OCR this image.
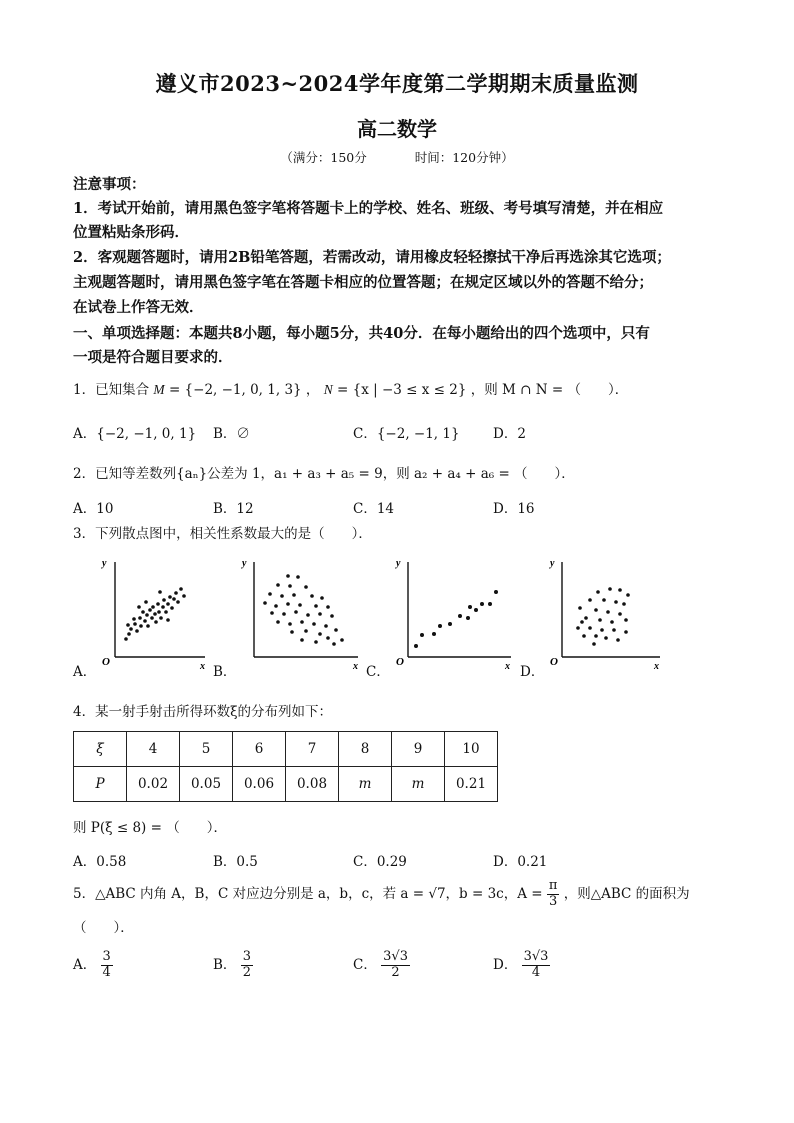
遵义市2023~2024学年度第二学期期末质量监测
高二数学
（满分：150分	时间：120分钟）
注意事项：
1．考试开始前，请用黑色签字笔将答题卡上的学校、姓名、班级、考号填写清楚，并在相应
位置粘贴条形码．
2．客观题答题时，请用2B铅笔答题，若需改动，请用橡皮轻轻擦拭干净后再选涂其它选项；
主观题答题时，请用黑色签字笔在答题卡相应的位置答题；在规定区域以外的答题不给分；
在试卷上作答无效．
一、单项选择题：本题共8小题，每小题5分，共40分．在每小题给出的四个选项中，只有
一项是符合题目要求的．
1．已知集合 M = {−2, −1, 0, 1, 3} ， N = {x | −3 ≤ x ≤ 2} ，则 M ∩ N = （　　）．
A．{−2, −1, 0, 1} B．∅	C．{−2, −1, 1} D．2
2．已知等差数列{aₙ}公差为 1，a₁ + a₃ + a₅ = 9，则 a₂ + a₄ + a₆ = （　　）．
A．10	B．12	C．14	D．16
3．下列散点图中，相关性系数最大的是（　　）．
A．	B．	C．	D．
y
O	x
y
x
y
O	x
y
O	x
4．某一射手射击所得环数ξ的分布列如下：
ξ	4	5	6	7	8	9	10
P	0.02	0.05	0.06	0.08	m	m	0.21
则 P(ξ ≤ 8) = （　　）．
A．0.58	B．0.5	C．0.29	D．0.21
5．△ABC 内角 A，B，C 对应边分别是 a，b，c，若 a = √7，b = 3c，$A = \frac{\pi}{3}$ ，则△ABC 的面积为
（　　）．
A． $\frac{3}{4}$	B． $\frac{3}{2}$	C． $\frac{3√3}{2}$	D． $\frac{3√3}{4}$
